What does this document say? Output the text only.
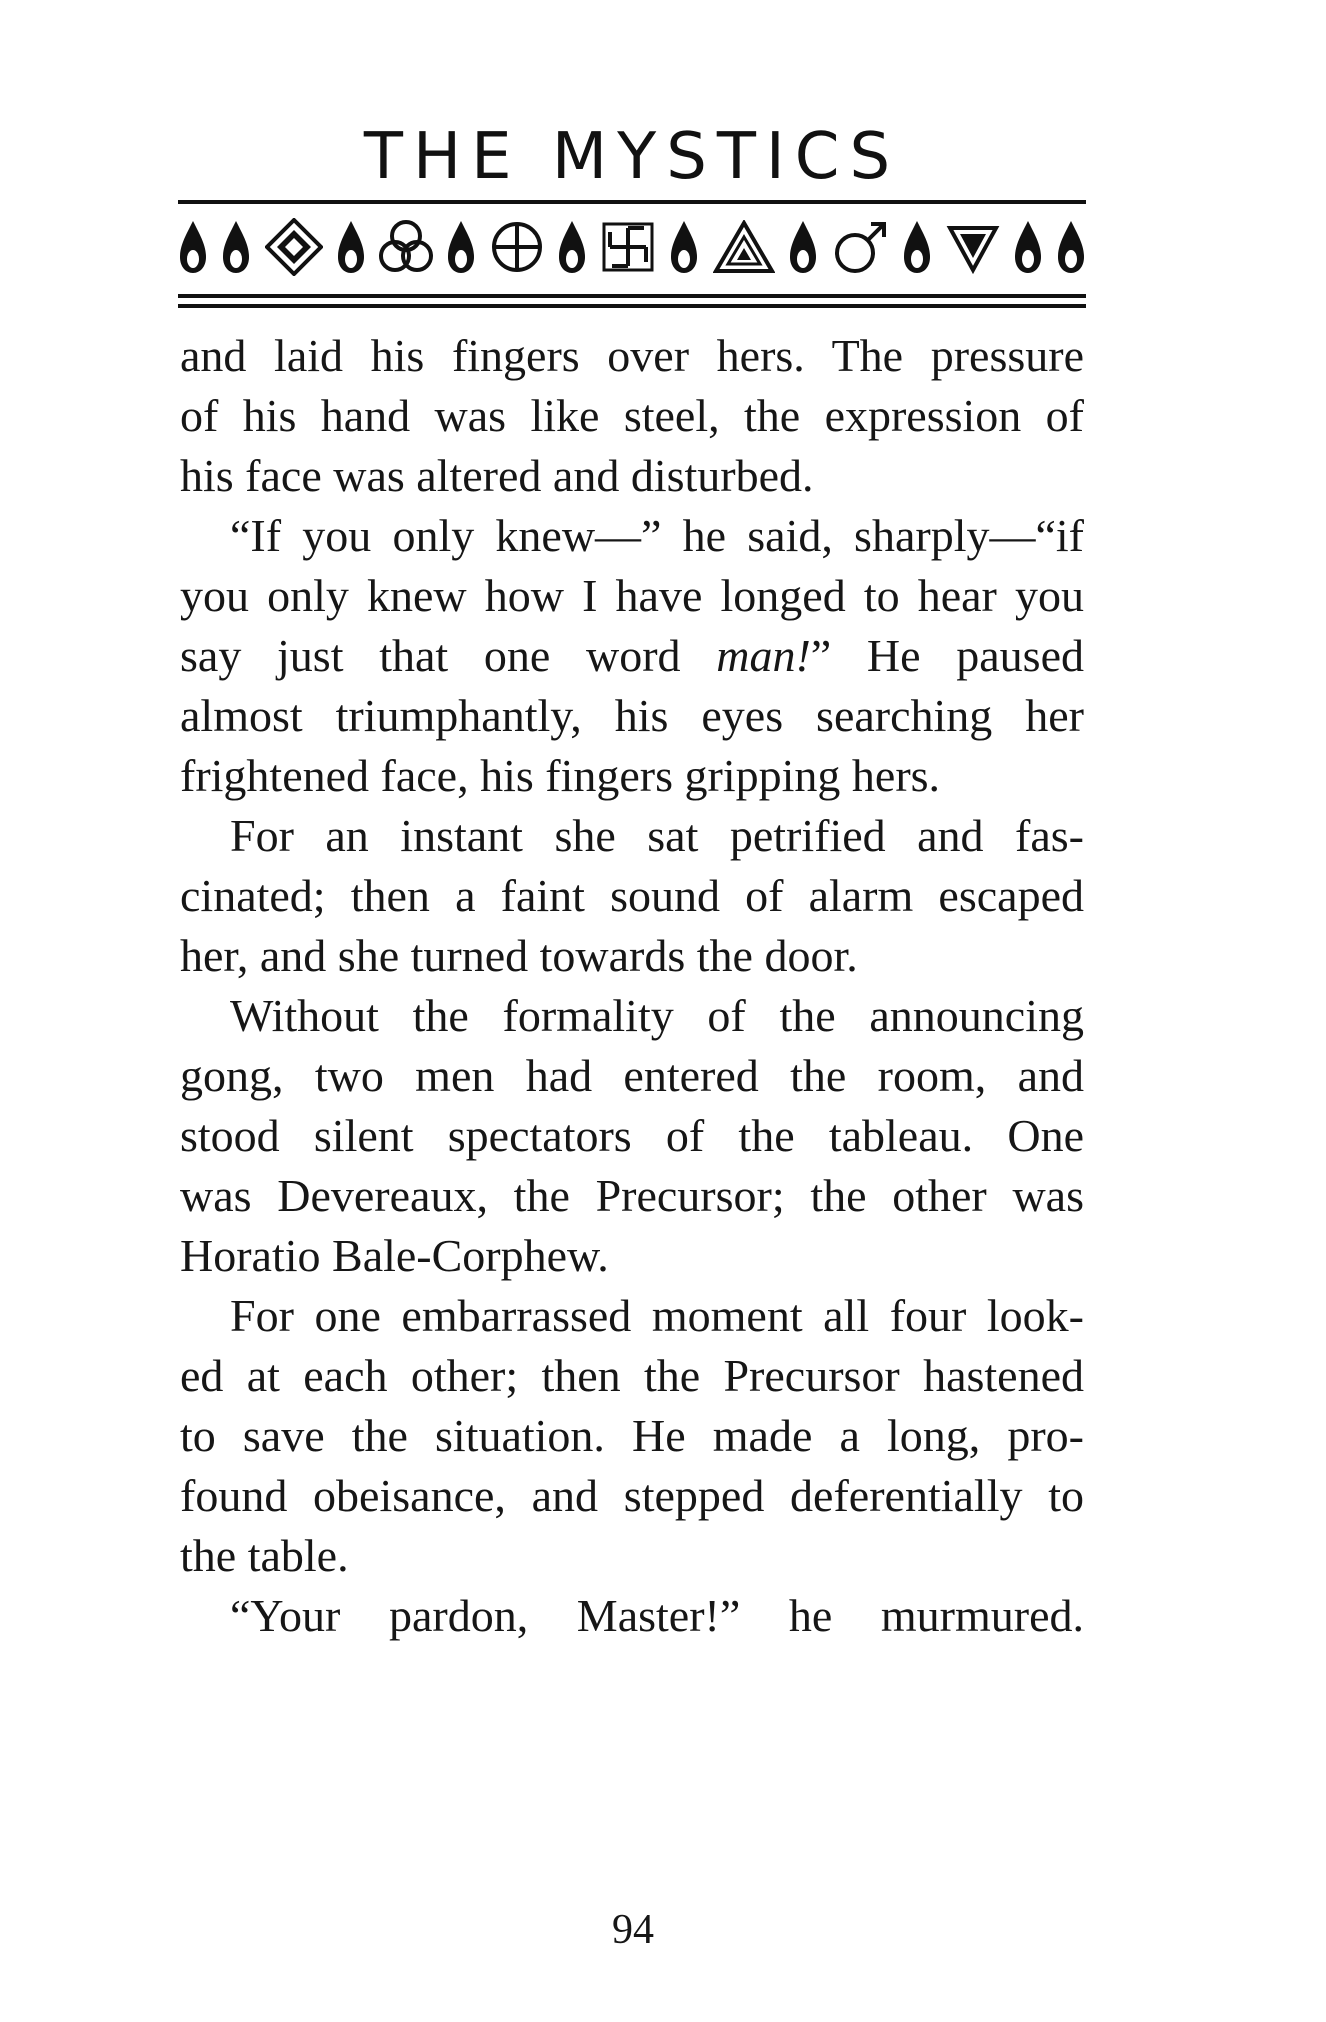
THE MYSTICS
and laid his fingers over hers. The pressure
of his hand was like steel, the expression of
his face was altered and disturbed.
“If you only knew—” he said, sharply—“if
you only knew how I have longed to hear you
say just that one word man!” He paused
almost triumphantly, his eyes searching her
frightened face, his fingers gripping hers.
For an instant she sat petrified and fas-
cinated; then a faint sound of alarm escaped
her, and she turned towards the door.
Without the formality of the announcing
gong, two men had entered the room, and
stood silent spectators of the tableau. One
was Devereaux, the Precursor; the other was
Horatio Bale-Corphew.
For one embarrassed moment all four look-
ed at each other; then the Precursor hastened
to save the situation. He made a long, pro-
found obeisance, and stepped deferentially to
the table.
“Your pardon, Master!” he murmured.
94
